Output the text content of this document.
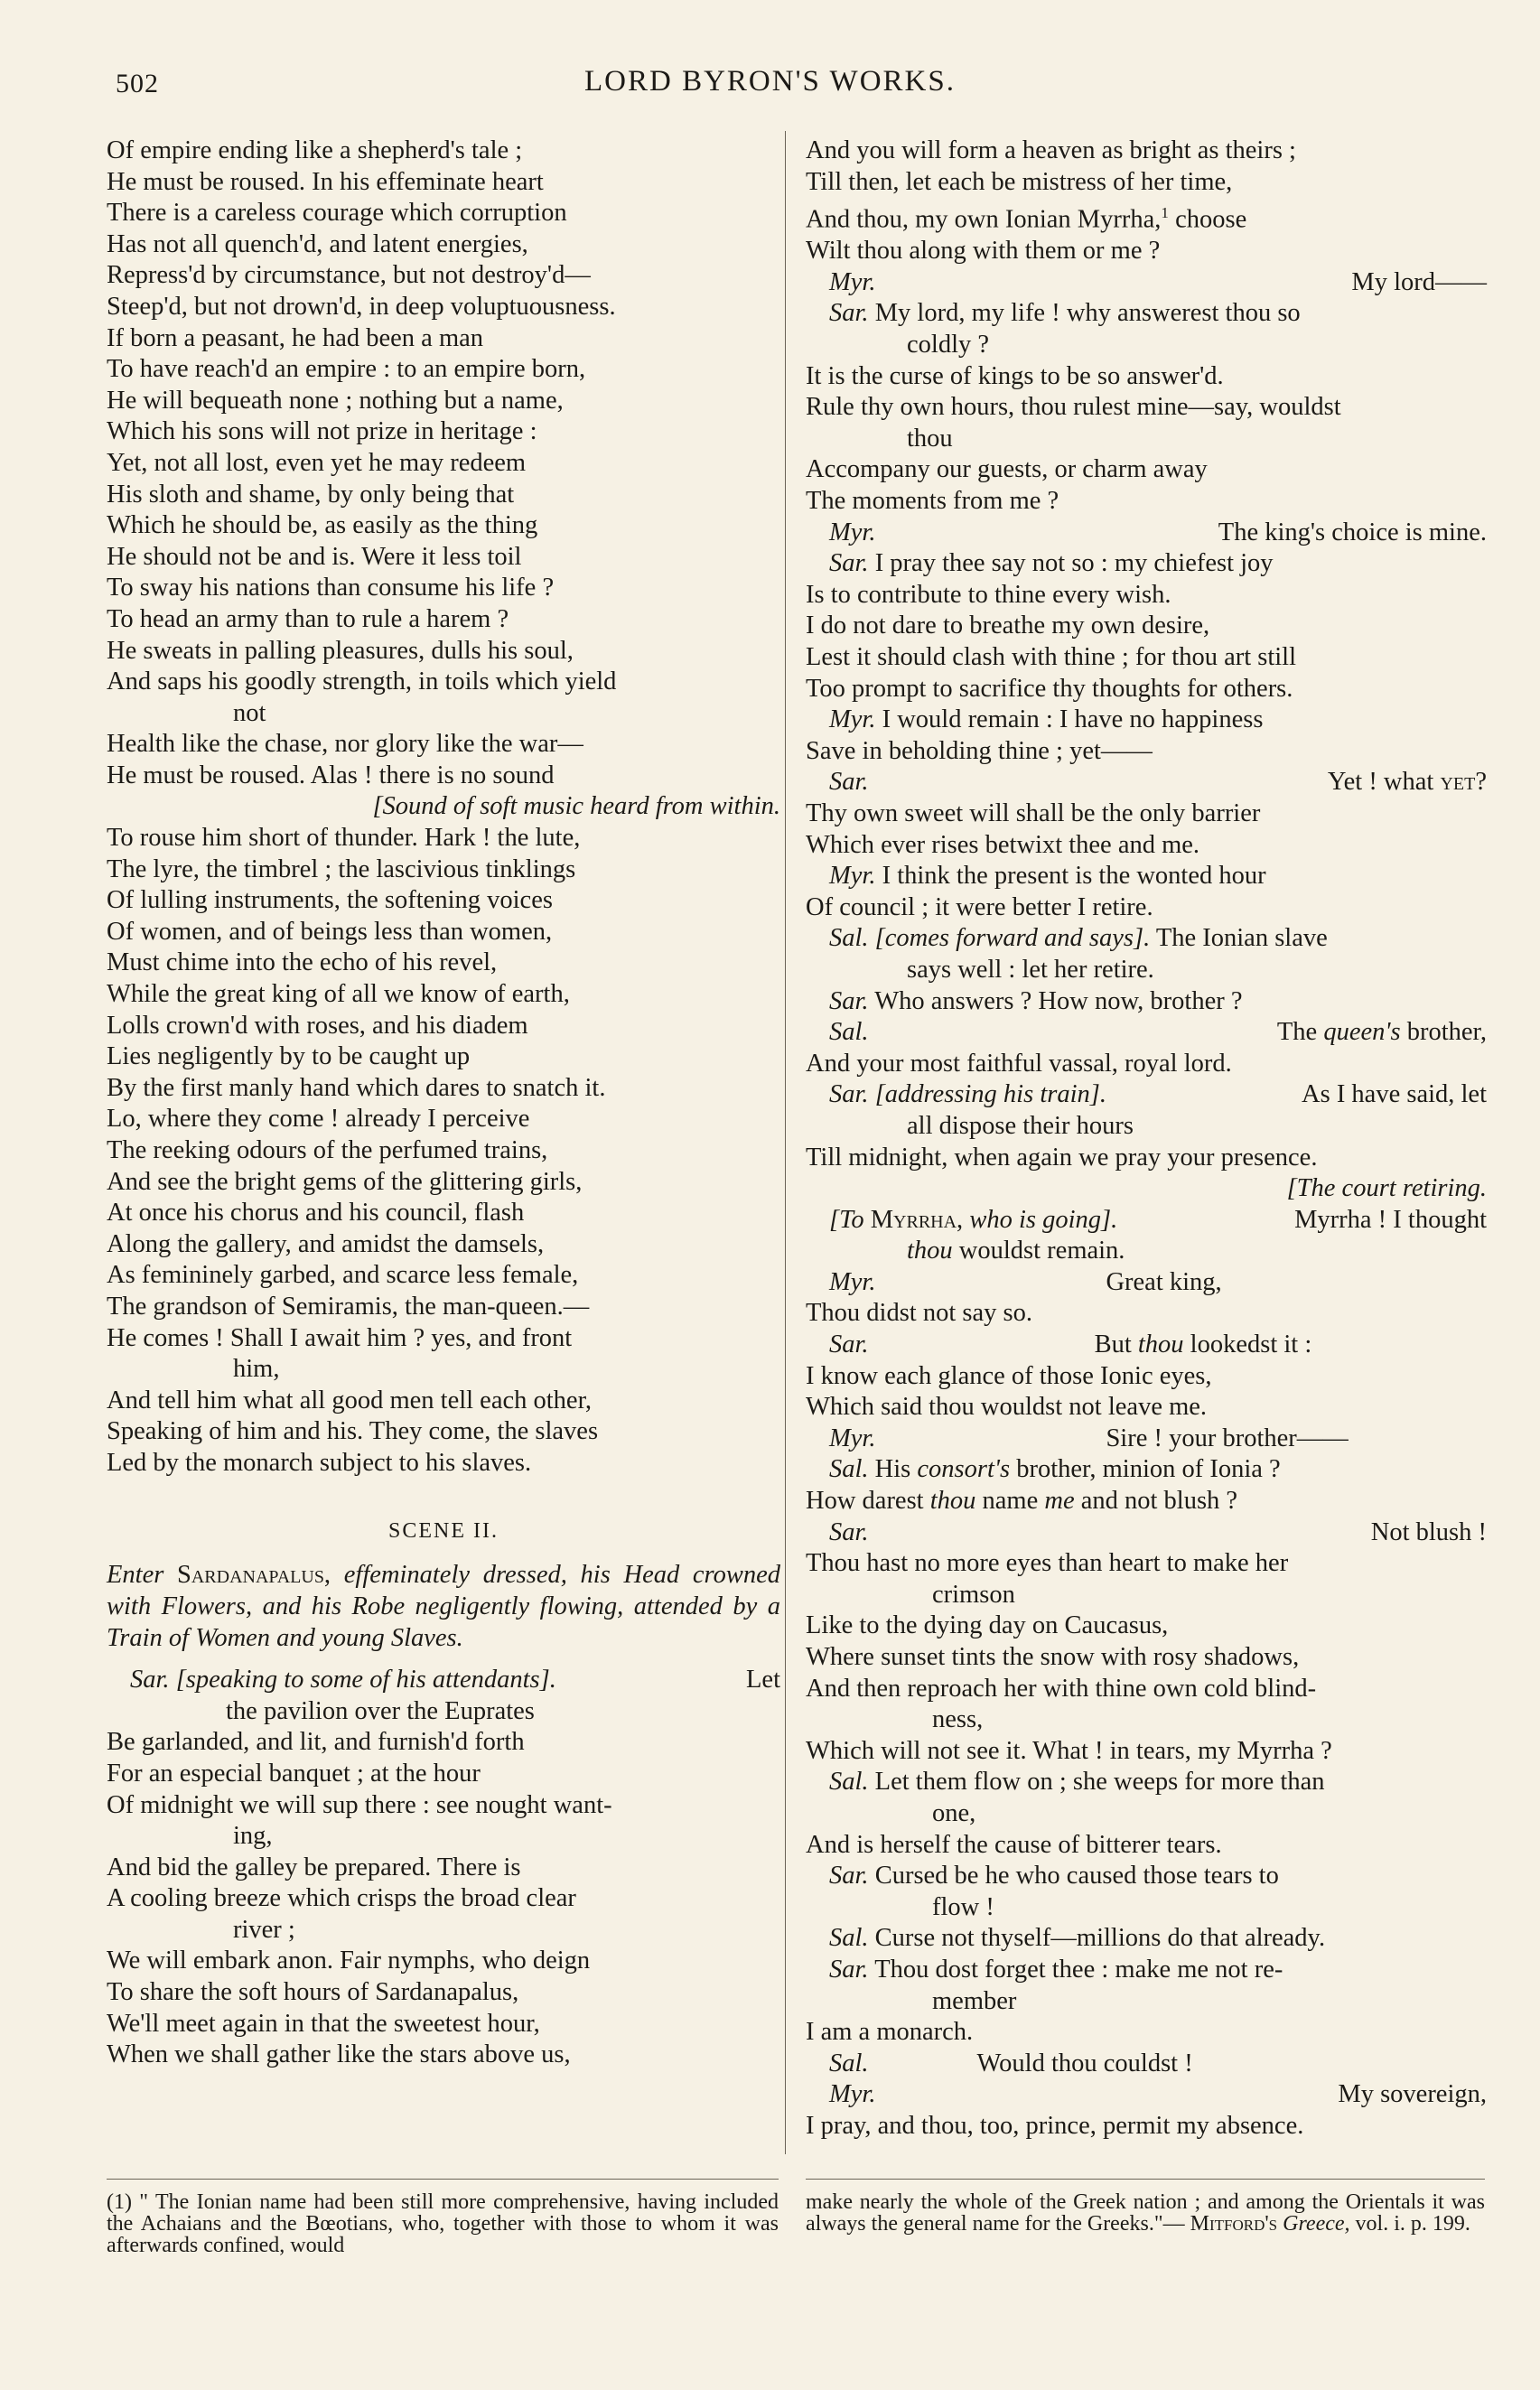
502	LORD BYRON'S WORKS.
Of empire ending like a shepherd's tale ;
He must be roused. In his effeminate heart
There is a careless courage which corruption
Has not all quench'd, and latent energies,
Repress'd by circumstance, but not destroy'd—
Steep'd, but not drown'd, in deep voluptuousness.
If born a peasant, he had been a man
To have reach'd an empire : to an empire born,
He will bequeath none ; nothing but a name,
Which his sons will not prize in heritage :
Yet, not all lost, even yet he may redeem
His sloth and shame, by only being that
Which he should be, as easily as the thing
He should not be and is. Were it less toil
To sway his nations than consume his life ?
To head an army than to rule a harem ?
He sweats in palling pleasures, dulls his soul,
And saps his goodly strength, in toils which yield
not
Health like the chase, nor glory like the war—
He must be roused. Alas ! there is no sound
[Sound of soft music heard from within.
To rouse him short of thunder. Hark ! the lute,
The lyre, the timbrel ; the lascivious tinklings
Of lulling instruments, the softening voices
Of women, and of beings less than women,
Must chime into the echo of his revel,
While the great king of all we know of earth,
Lolls crown'd with roses, and his diadem
Lies negligently by to be caught up
By the first manly hand which dares to snatch it.
Lo, where they come ! already I perceive
The reeking odours of the perfumed trains,
And see the bright gems of the glittering girls,
At once his chorus and his council, flash
Along the gallery, and amidst the damsels,
As femininely garbed, and scarce less female,
The grandson of Semiramis, the man-queen.—
He comes ! Shall I await him ? yes, and front
him,
And tell him what all good men tell each other,
Speaking of him and his. They come, the slaves
Led by the monarch subject to his slaves.
SCENE II.
Enter Sardanapalus, effeminately dressed, his Head crowned with Flowers, and his Robe negligently flowing, attended by a Train of Women and young Slaves.
Sar. [speaking to some of his attendants].	Let
the pavilion over the Euprates
Be garlanded, and lit, and furnish'd forth
For an especial banquet ; at the hour
Of midnight we will sup there : see nought want-
ing,
And bid the galley be prepared. There is
A cooling breeze which crisps the broad clear
river ;
We will embark anon. Fair nymphs, who deign
To share the soft hours of Sardanapalus,
We'll meet again in that the sweetest hour,
When we shall gather like the stars above us,
And you will form a heaven as bright as theirs ;
Till then, let each be mistress of her time,
And thou, my own Ionian Myrrha,$^1$ choose
Wilt thou along with them or me ?
Myr.	My lord——
Sar. My lord, my life ! why answerest thou so
coldly ?
It is the curse of kings to be so answer'd.
Rule thy own hours, thou rulest mine—say, wouldst
thou
Accompany our guests, or charm away
The moments from me ?
Myr.	The king's choice is mine.
Sar. I pray thee say not so : my chiefest joy
Is to contribute to thine every wish.
I do not dare to breathe my own desire,
Lest it should clash with thine ; for thou art still
Too prompt to sacrifice thy thoughts for others.
Myr. I would remain : I have no happiness
Save in beholding thine ; yet——
Sar.	Yet ! what yet?
Thy own sweet will shall be the only barrier
Which ever rises betwixt thee and me.
Myr. I think the present is the wonted hour
Of council ; it were better I retire.
Sal. [comes forward and says]. The Ionian slave
says well : let her retire.
Sar. Who answers ? How now, brother ?
Sal.	The queen's brother,
And your most faithful vassal, royal lord.
Sar. [addressing his train].	As I have said, let
all dispose their hours
Till midnight, when again we pray your presence.
[The court retiring.
[To Myrrha, who is going].	Myrrha ! I thought
thou wouldst remain.
Myr.	Great king,
Thou didst not say so.
Sar.	But thou lookedst it :
I know each glance of those Ionic eyes,
Which said thou wouldst not leave me.
Myr.	Sire ! your brother——
Sal. His consort's brother, minion of Ionia ?
How darest thou name me and not blush ?
Sar.	Not blush !
Thou hast no more eyes than heart to make her
crimson
Like to the dying day on Caucasus,
Where sunset tints the snow with rosy shadows,
And then reproach her with thine own cold blind-
ness,
Which will not see it. What ! in tears, my Myrrha ?
Sal. Let them flow on ; she weeps for more than
one,
And is herself the cause of bitterer tears.
Sar. Cursed be he who caused those tears to
flow !
Sal. Curse not thyself—millions do that already.
Sar. Thou dost forget thee : make me not re-
member
I am a monarch.
Sal.	Would thou couldst !
Myr.	My sovereign,
I pray, and thou, too, prince, permit my absence.
(1) " The Ionian name had been still more comprehensive, having included the Achaians and the Bœotians, who, together with those to whom it was afterwards confined, would
make nearly the whole of the Greek nation ; and among the Orientals it was always the general name for the Greeks."— Mitford's Greece, vol. i. p. 199.
